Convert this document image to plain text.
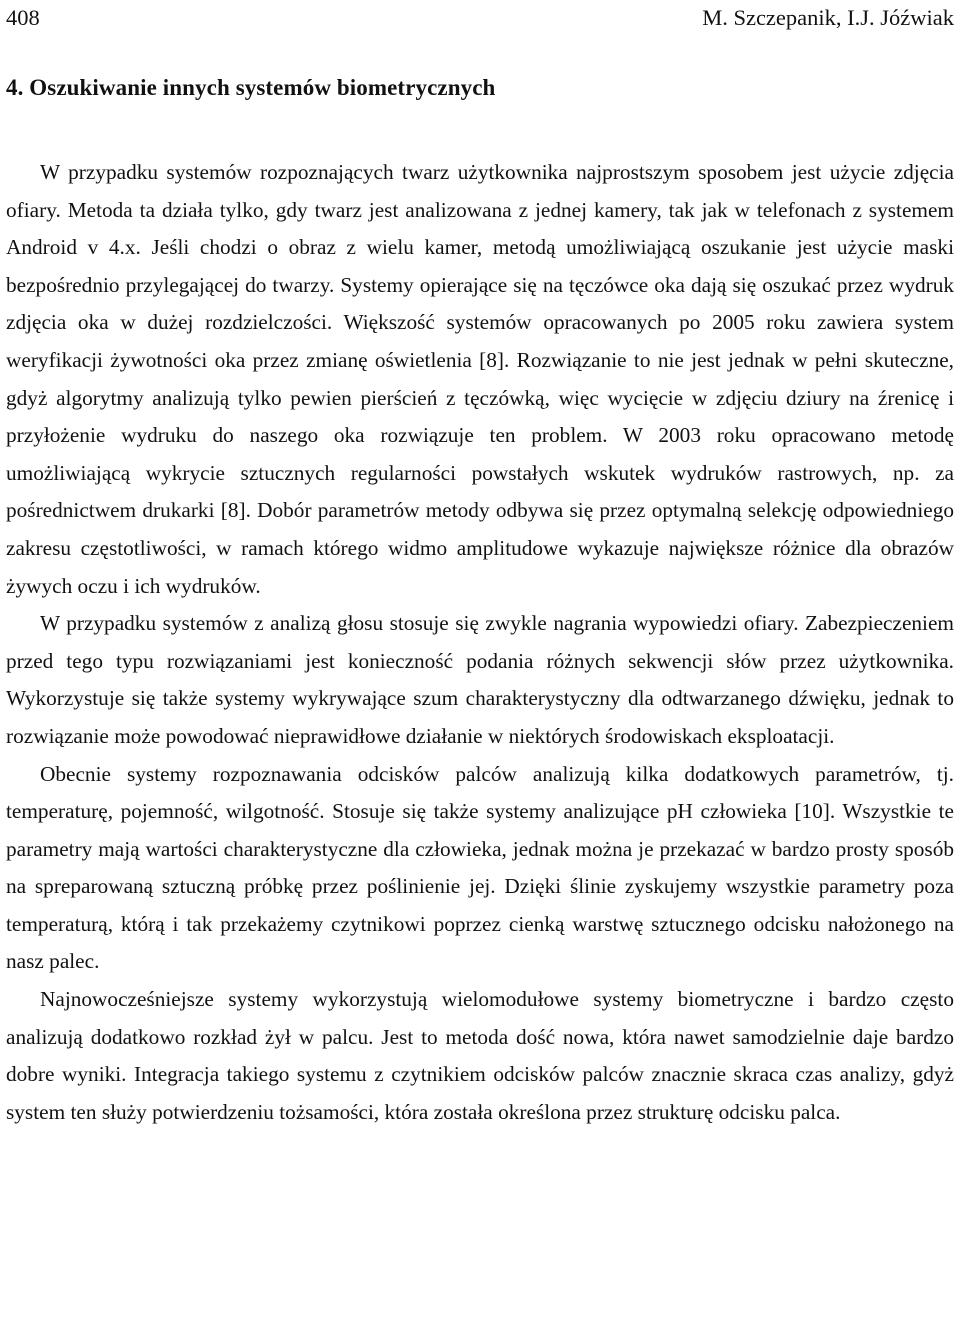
408	M. Szczepanik, I.J. Jóźwiak
4. Oszukiwanie innych systemów biometrycznych

W przypadku systemów rozpoznających twarz użytkownika najprostszym sposobem jest użycie zdjęcia ofiary. Metoda ta działa tylko, gdy twarz jest analizowana z jednej kamery, tak jak w telefonach z systemem Android v 4.x. Jeśli chodzi o obraz z wielu kamer, metodą umożliwiającą oszukanie jest użycie maski bezpośrednio przylegającej do twarzy. Systemy opierające się na tęczówce oka dają się oszukać przez wydruk zdjęcia oka w dużej rozdzielczości. Większość systemów opracowanych po 2005 roku zawiera system weryfikacji żywotności oka przez zmianę oświetlenia [8]. Rozwiązanie to nie jest jednak w pełni skuteczne, gdyż algorytmy analizują tylko pewien pierścień z tęczówką, więc wycięcie w zdjęciu dziury na źrenicę i przyłożenie wydruku do naszego oka rozwiązuje ten problem. W 2003 roku opracowano metodę umożliwiającą wykrycie sztucznych regularności powstałych wskutek wydruków rastrowych, np. za pośrednictwem drukarki [8]. Dobór parametrów metody odbywa się przez optymalną selekcję odpowiedniego zakresu częstotliwości, w ramach którego widmo amplitudowe wykazuje największe różnice dla obrazów żywych oczu i ich wydruków.

W przypadku systemów z analizą głosu stosuje się zwykle nagrania wypowiedzi ofiary. Zabezpieczeniem przed tego typu rozwiązaniami jest konieczność podania różnych sekwencji słów przez użytkownika. Wykorzystuje się także systemy wykrywające szum charakterystyczny dla odtwarzanego dźwięku, jednak to rozwiązanie może powodować nieprawidłowe działanie w niektórych środowiskach eksploatacji.

Obecnie systemy rozpoznawania odcisków palców analizują kilka dodatkowych parametrów, tj. temperaturę, pojemność, wilgotność. Stosuje się także systemy analizujące pH człowieka [10]. Wszystkie te parametry mają wartości charakterystyczne dla człowieka, jednak można je przekazać w bardzo prosty sposób na spreparowaną sztuczną próbkę przez poślinienie jej. Dzięki ślinie zyskujemy wszystkie parametry poza temperaturą, którą i tak przekażemy czytnikowi poprzez cienką warstwę sztucznego odcisku nałożonego na nasz palec.

Najnowocześniejsze systemy wykorzystują wielomodułowe systemy biometryczne i bardzo często analizują dodatkowo rozkład żył w palcu. Jest to metoda dość nowa, która nawet samodzielnie daje bardzo dobre wyniki. Integracja takiego systemu z czytnikiem odcisków palców znacznie skraca czas analizy, gdyż system ten służy potwierdzeniu tożsamości, która została określona przez strukturę odcisku palca.
